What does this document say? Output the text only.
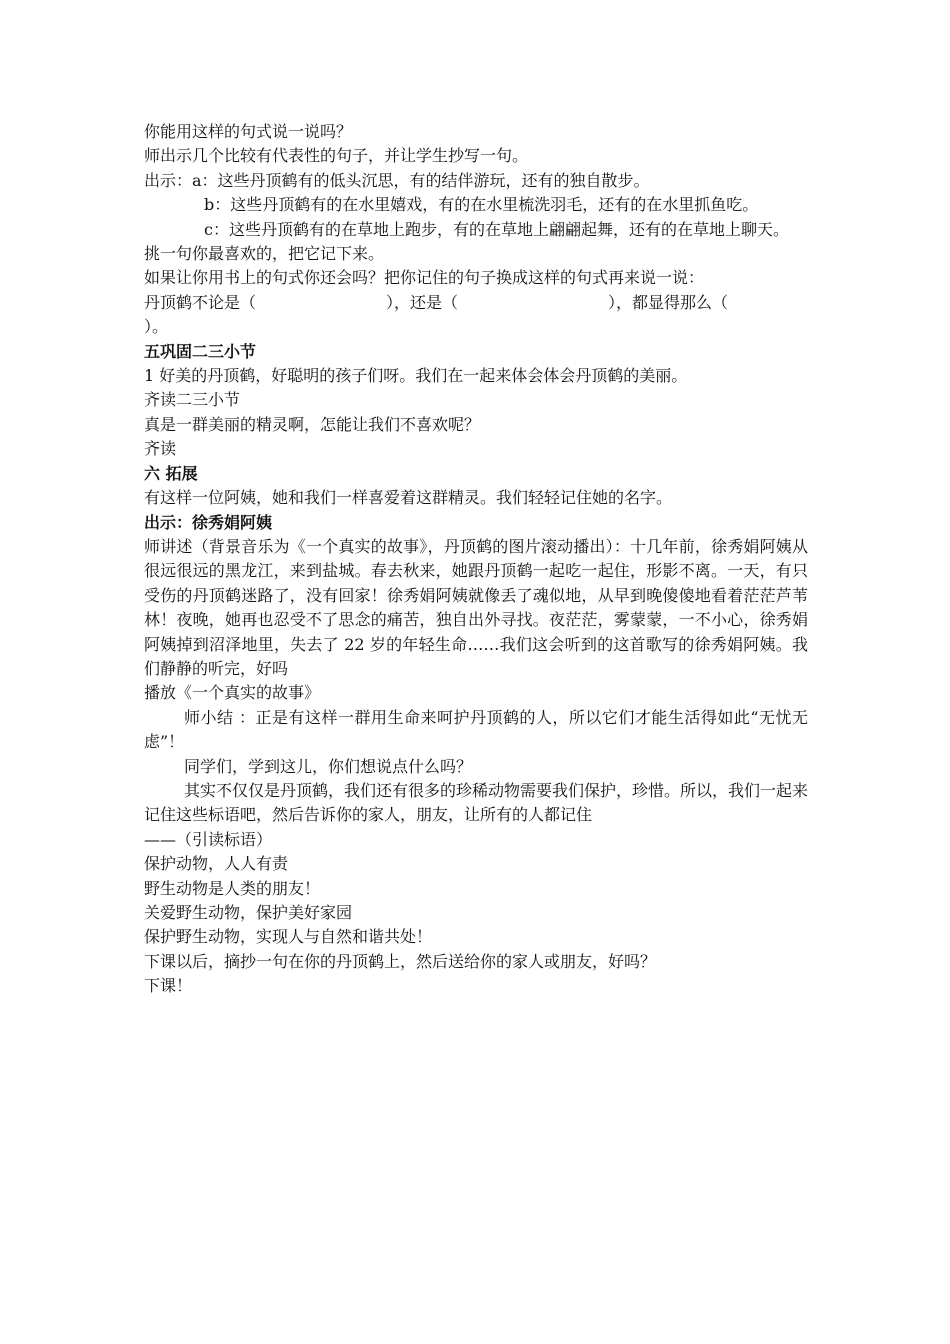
你能用这样的句式说一说吗？
师出示几个比较有代表性的句子，并让学生抄写一句。
出示：a：这些丹顶鹤有的低头沉思，有的结伴游玩，还有的独自散步。
b：这些丹顶鹤有的在水里嬉戏，有的在水里梳洗羽毛，还有的在水里抓鱼吃。
c：这些丹顶鹤有的在草地上跑步，有的在草地上翩翩起舞，还有的在草地上聊天。
挑一句你最喜欢的，把它记下来。
如果让你用书上的句式你还会吗？把你记住的句子换成这样的句式再来说一说：
丹顶鹤不论是（	），还是（	），都显得那么（
）。
五巩固二三小节
1 好美的丹顶鹤，好聪明的孩子们呀。我们在一起来体会体会丹顶鹤的美丽。
齐读二三小节
真是一群美丽的精灵啊，怎能让我们不喜欢呢？
齐读
六 拓展
有这样一位阿姨，她和我们一样喜爱着这群精灵。我们轻轻记住她的名字。
出示：徐秀娟阿姨
师讲述（背景音乐为《一个真实的故事》，丹顶鹤的图片滚动播出）：十几年前，徐秀娟阿姨从很远很远的黑龙江，来到盐城。春去秋来，她跟丹顶鹤一起吃一起住，形影不离。一天，有只受伤的丹顶鹤迷路了，没有回家！徐秀娟阿姨就像丢了魂似地，从早到晚傻傻地看着茫茫芦苇林！夜晚，她再也忍受不了思念的痛苦，独自出外寻找。夜茫茫，雾蒙蒙，一不小心，徐秀娟阿姨掉到沼泽地里，失去了 22 岁的年轻生命……我们这会听到的这首歌写的徐秀娟阿姨。我们静静的听完，好吗
播放《一个真实的故事》
师小结 ：正是有这样一群用生命来呵护丹顶鹤的人，所以它们才能生活得如此“无忧无虑”！
同学们，学到这儿，你们想说点什么吗？
其实不仅仅是丹顶鹤，我们还有很多的珍稀动物需要我们保护，珍惜。所以，我们一起来记住这些标语吧，然后告诉你的家人，朋友，让所有的人都记住
——（引读标语）
保护动物，人人有责
野生动物是人类的朋友！
关爱野生动物，保护美好家园
保护野生动物，实现人与自然和谐共处！
下课以后，摘抄一句在你的丹顶鹤上，然后送给你的家人或朋友，好吗？
下课！
